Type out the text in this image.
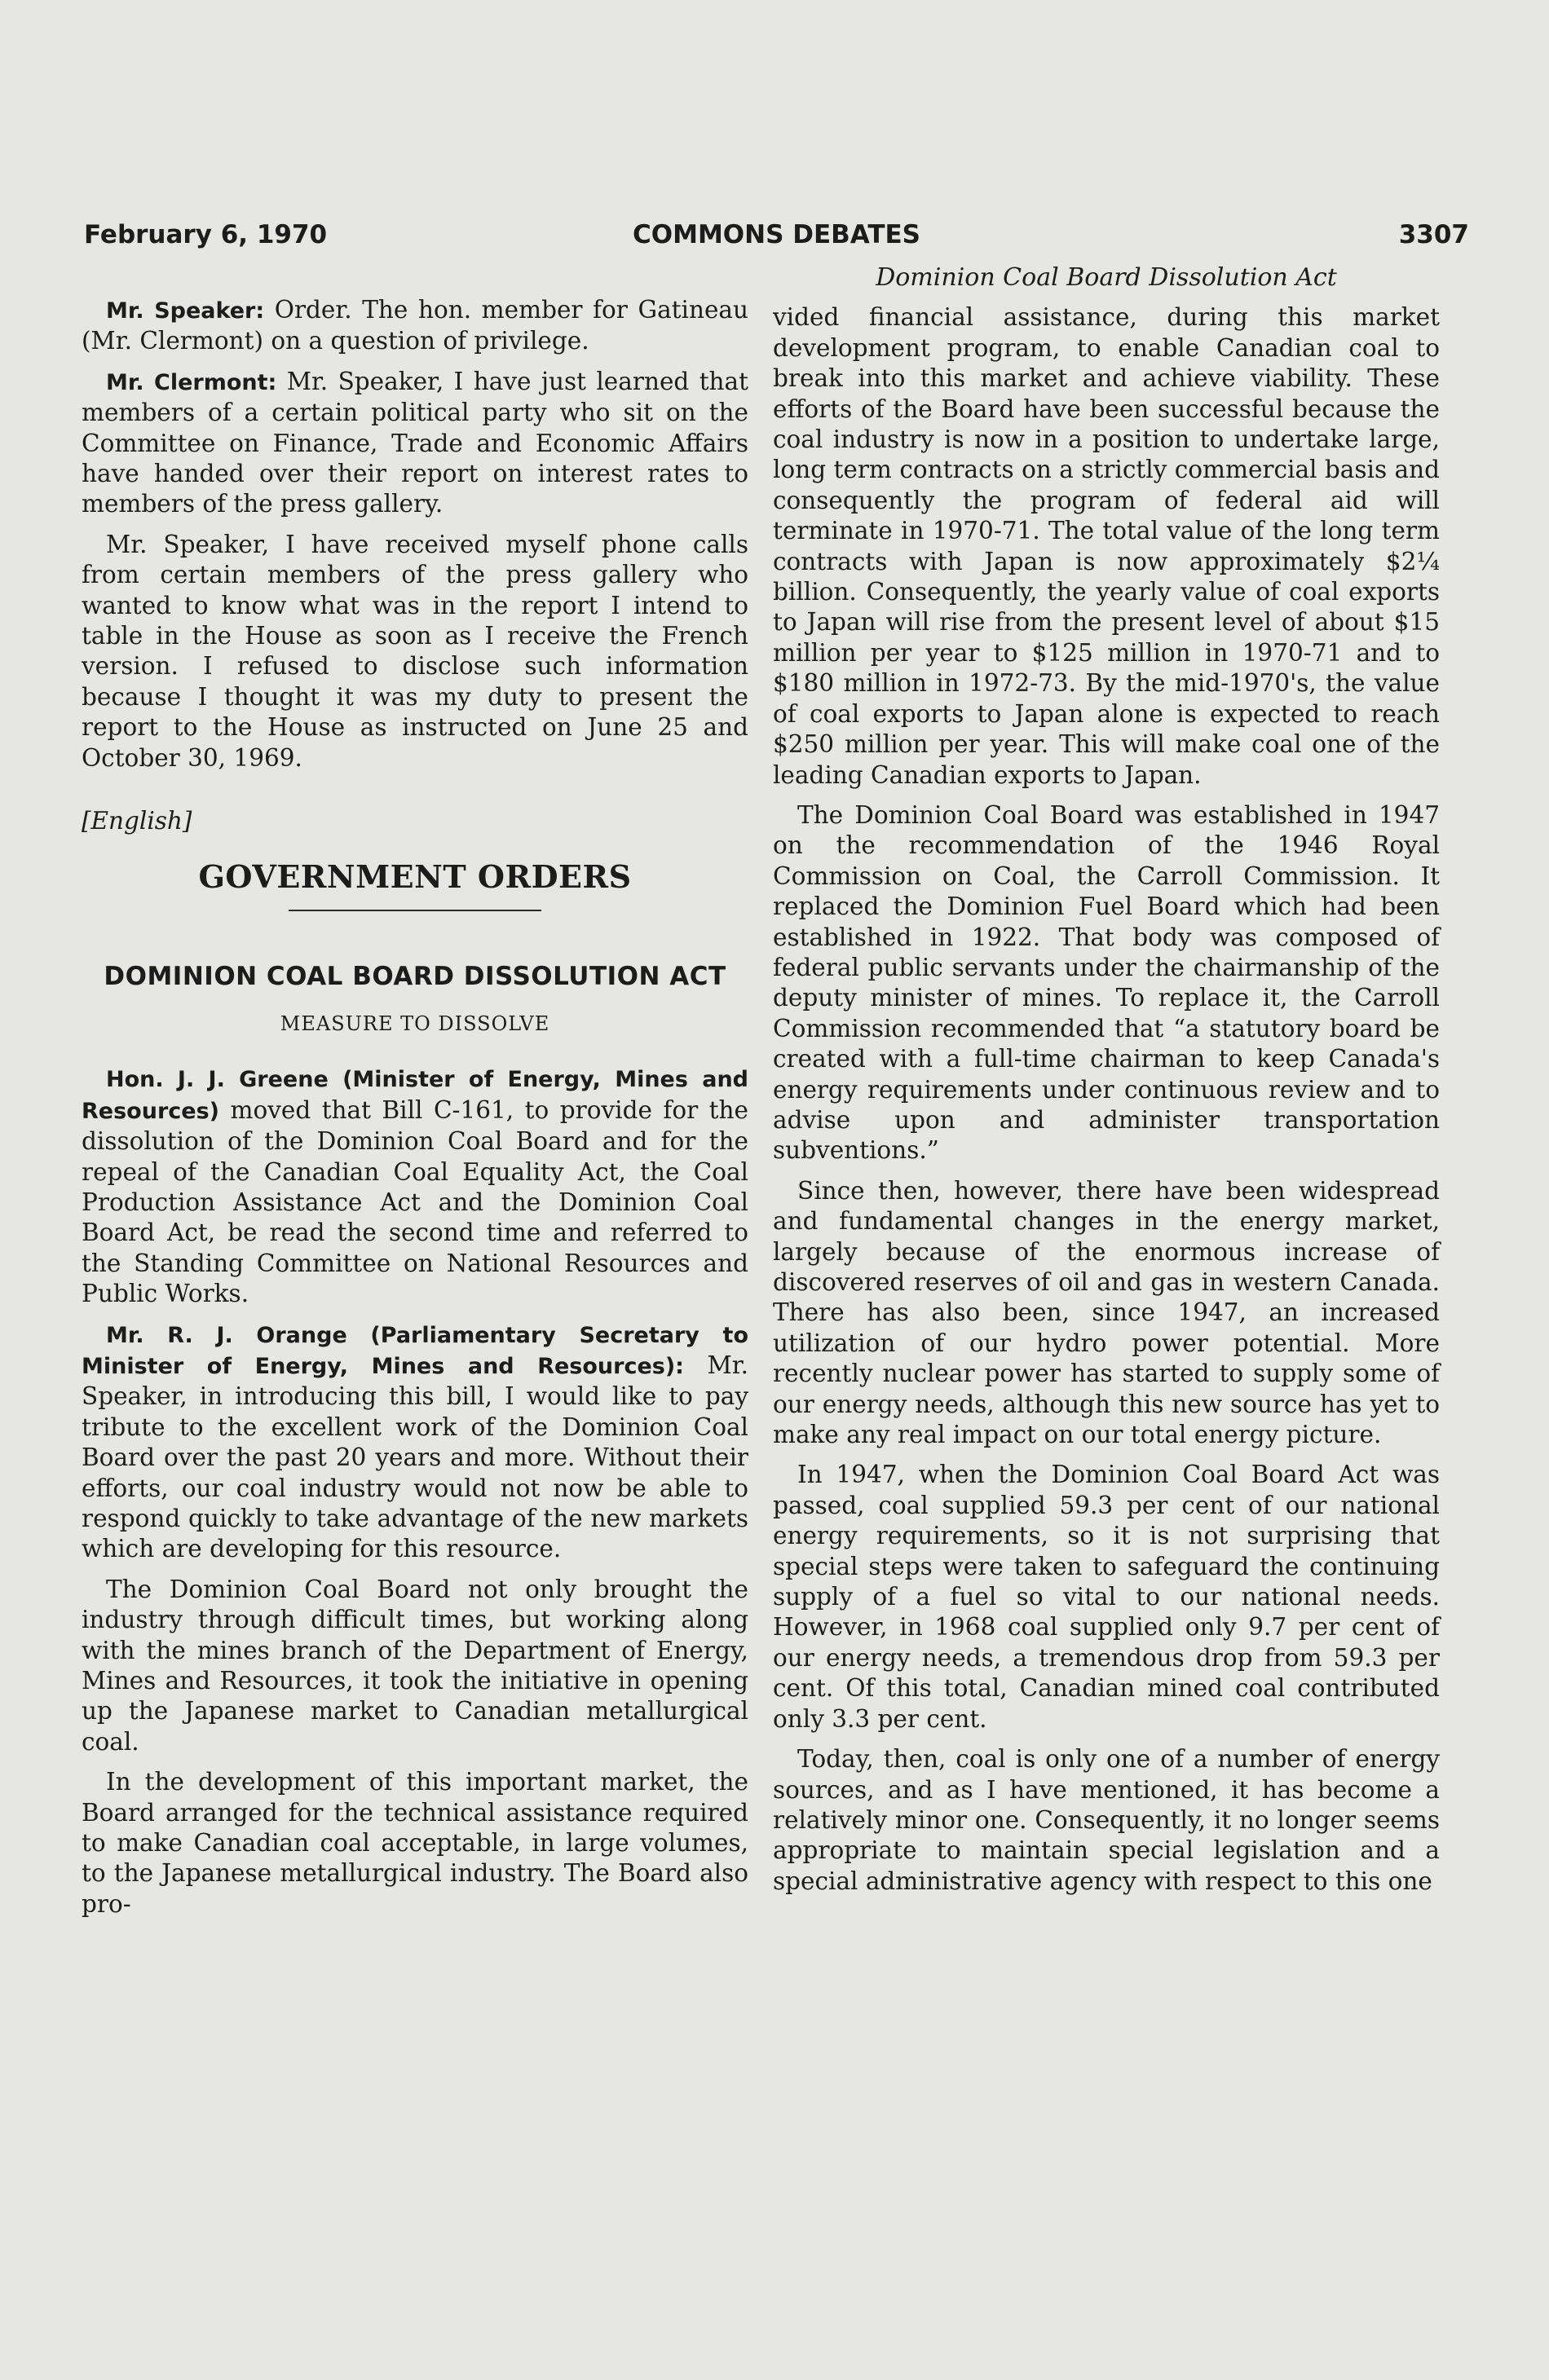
February 6, 1970	COMMONS DEBATES	3307

Mr. Speaker: Order. The hon. member for Gatineau (Mr. Clermont) on a question of privilege.

Mr. Clermont: Mr. Speaker, I have just learned that members of a certain political party who sit on the Committee on Finance, Trade and Economic Affairs have handed over their report on interest rates to members of the press gallery.

Mr. Speaker, I have received myself phone calls from certain members of the press gallery who wanted to know what was in the report I intend to table in the House as soon as I receive the French version. I refused to disclose such information because I thought it was my duty to present the report to the House as instructed on June 25 and October 30, 1969.

[English]

GOVERNMENT ORDERS
DOMINION COAL BOARD DISSOLUTION ACT
MEASURE TO DISSOLVE

Hon. J. J. Greene (Minister of Energy, Mines and Resources) moved that Bill C-161, to provide for the dissolution of the Dominion Coal Board and for the repeal of the Canadian Coal Equality Act, the Coal Production Assistance Act and the Dominion Coal Board Act, be read the second time and referred to the Standing Committee on National Resources and Public Works.

Mr. R. J. Orange (Parliamentary Secretary to Minister of Energy, Mines and Resources): Mr. Speaker, in introducing this bill, I would like to pay tribute to the excellent work of the Dominion Coal Board over the past 20 years and more. Without their efforts, our coal industry would not now be able to respond quickly to take advantage of the new markets which are developing for this resource.

The Dominion Coal Board not only brought the industry through difficult times, but working along with the mines branch of the Department of Energy, Mines and Resources, it took the initiative in opening up the Japanese market to Canadian metallurgical coal.

In the development of this important market, the Board arranged for the technical assistance required to make Canadian coal acceptable, in large volumes, to the Japanese metallurgical industry. The Board also pro-

Dominion Coal Board Dissolution Act

vided financial assistance, during this market development program, to enable Canadian coal to break into this market and achieve viability. These efforts of the Board have been successful because the coal industry is now in a position to undertake large, long term contracts on a strictly commercial basis and consequently the program of federal aid will terminate in 1970-71. The total value of the long term contracts with Japan is now approximately $2¼ billion. Consequently, the yearly value of coal exports to Japan will rise from the present level of about $15 million per year to $125 million in 1970-71 and to $180 million in 1972-73. By the mid-1970's, the value of coal exports to Japan alone is expected to reach $250 million per year. This will make coal one of the leading Canadian exports to Japan.

The Dominion Coal Board was established in 1947 on the recommendation of the 1946 Royal Commission on Coal, the Carroll Commission. It replaced the Dominion Fuel Board which had been established in 1922. That body was composed of federal public servants under the chairmanship of the deputy minister of mines. To replace it, the Carroll Commission recommended that “a statutory board be created with a full-time chairman to keep Canada's energy requirements under continuous review and to advise upon and administer transportation subventions.”

Since then, however, there have been widespread and fundamental changes in the energy market, largely because of the enormous increase of discovered reserves of oil and gas in western Canada. There has also been, since 1947, an increased utilization of our hydro power potential. More recently nuclear power has started to supply some of our energy needs, although this new source has yet to make any real impact on our total energy picture.

In 1947, when the Dominion Coal Board Act was passed, coal supplied 59.3 per cent of our national energy requirements, so it is not surprising that special steps were taken to safeguard the continuing supply of a fuel so vital to our national needs. However, in 1968 coal supplied only 9.7 per cent of our energy needs, a tremendous drop from 59.3 per cent. Of this total, Canadian mined coal contributed only 3.3 per cent.

Today, then, coal is only one of a number of energy sources, and as I have mentioned, it has become a relatively minor one. Consequently, it no longer seems appropriate to maintain special legislation and a special administrative agency with respect to this one
